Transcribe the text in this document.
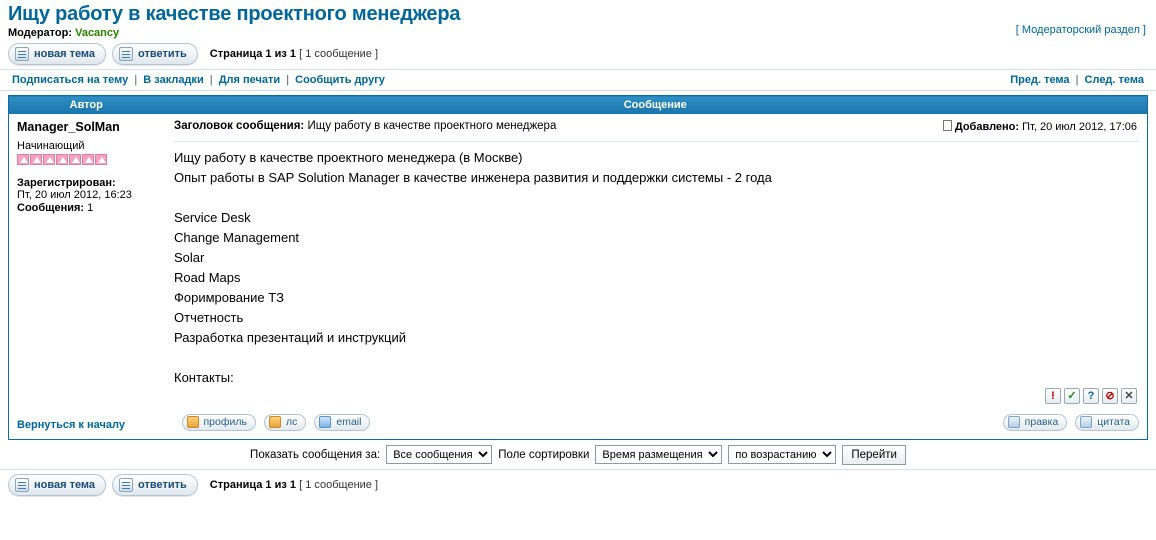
Ищу работу в качестве проектного менеджера
Модератор: Vacancy	[ Модераторский раздел ]
новая тема	ответить Страница 1 из 1 [ 1 сообщение ]
Подписаться на тему | В закладки | Для печати | Сообщить другу	Пред. тема | След. тема
Автор	Сообщение

Manager_SolMan
Начинающий
Зарегистрирован:
Пт, 20 июл 2012, 16:23
Сообщения: 1

Заголовок сообщения: Ищу работу в качестве проектного менеджера	Добавлено: Пт, 20 июл 2012, 17:06
Ищу работу в качестве проектного менеджера (в Москве)
Опыт работы в SAP Solution Manager в качестве инженера развития и поддержки системы - 2 года
Service Desk
Change Management
Solar
Road Maps
Форимрование ТЗ
Отчетность
Разработка презентаций и инструкций
Контакты:
!	✓	?	⊘ ✕

Вернуться к началу	профиль лс email правка цитата
Показать сообщения за:
Все сообщения	Поле сортировки
Время размещения
по возрастанию
Перейти
новая тема	ответить Страница 1 из 1 [ 1 сообщение ]
